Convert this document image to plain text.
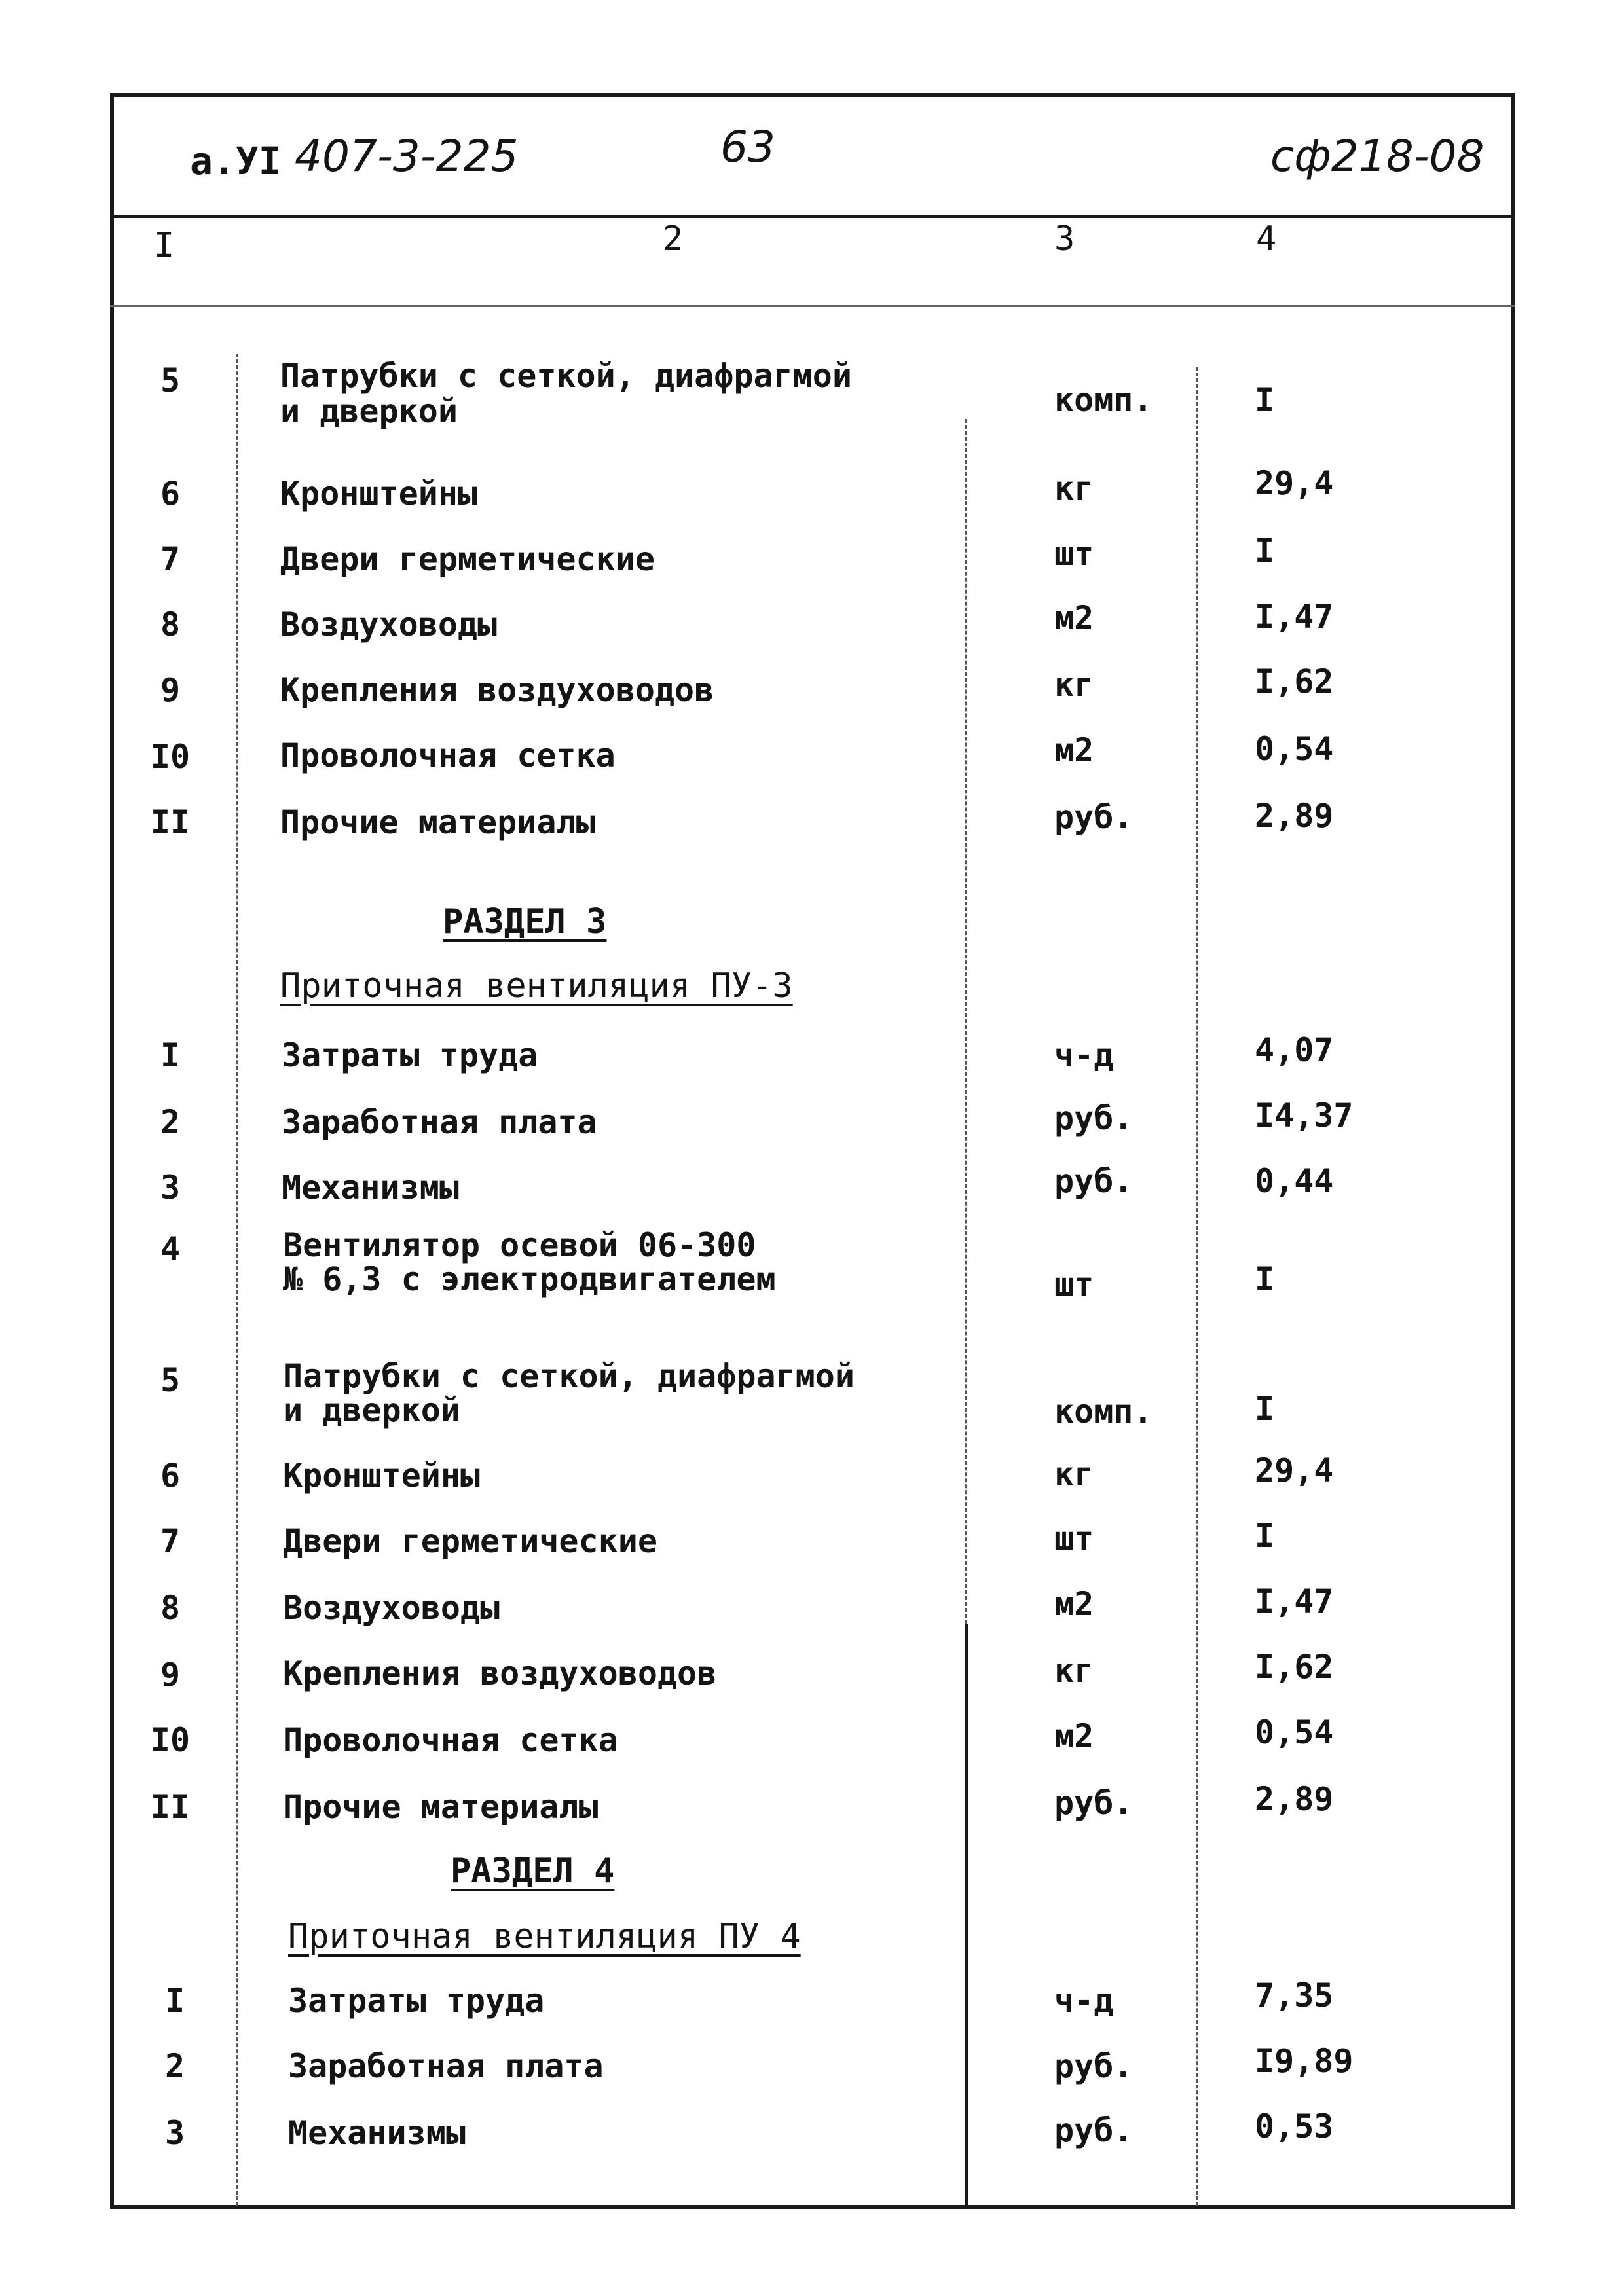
а.УI 407-3-225	63	сф218-08
I	2	3	4
5	Патрубки с сеткой, диафрагмой
и дверкой	комп.	I
6	Кронштейны	кг	29,4
7	Двери герметические	шт	I
8	Воздуховоды	м2	I,47
9	Крепления воздуховодов	кг	I,62
I0	Проволочная сетка	м2	0,54
II	Прочие материалы	руб.	2,89
РАЗДЕЛ 3
Приточная вентиляция ПУ-3
I	Затраты труда	ч-д	4,07
2	Заработная плата	руб.	I4,37
3	Механизмы	руб.	0,44
4	Вентилятор осевой 06-300
№ 6,3 с электродвигателем	шт	I
5	Патрубки с сеткой, диафрагмой
и дверкой	комп.	I
6	Кронштейны	кг	29,4
7	Двери герметические	шт	I
8	Воздуховоды	м2	I,47
9	Крепления воздуховодов	кг	I,62
I0	Проволочная сетка	м2	0,54
II	Прочие материалы	руб.	2,89
РАЗДЕЛ 4
Приточная вентиляция ПУ_4
I	Затраты труда	ч-д	7,35
2	Заработная плата	руб.	I9,89
3	Механизмы	руб.	0,53
